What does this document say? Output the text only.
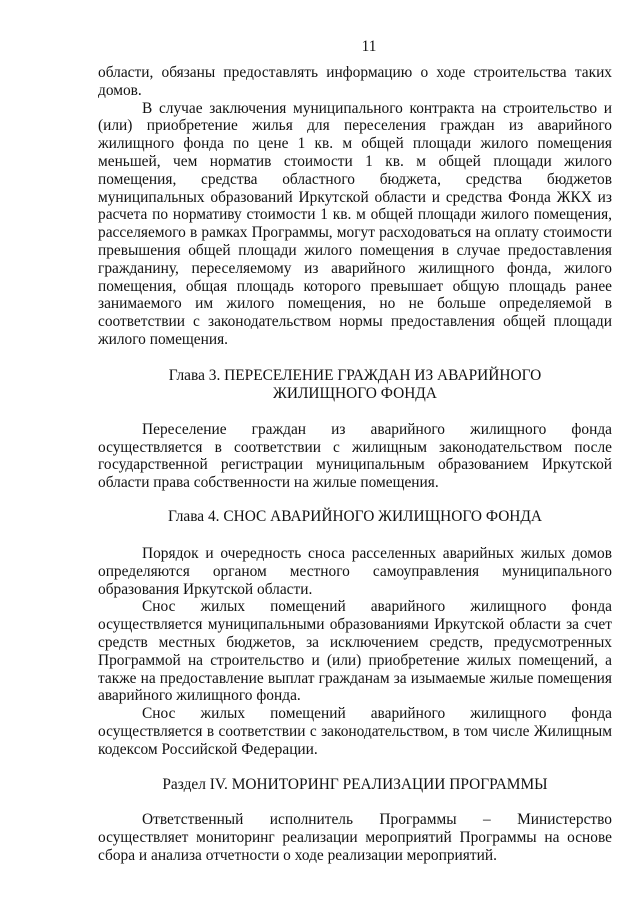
11

области, обязаны предоставлять информацию о ходе строительства таких домов.

В случае заключения муниципального контракта на строительство и (или) приобретение жилья для переселения граждан из аварийного жилищного фонда по цене 1 кв. м общей площади жилого помещения меньшей, чем норматив стоимости 1 кв. м общей площади жилого помещения, средства областного бюджета, средства бюджетов муниципальных образований Иркутской области и средства Фонда ЖКХ из расчета по нормативу стоимости 1 кв. м общей площади жилого помещения, расселяемого в рамках Программы, могут расходоваться на оплату стоимости превышения общей площади жилого помещения в случае предоставления гражданину, переселяемому из аварийного жилищного фонда, жилого помещения, общая площадь которого превышает общую площадь ранее занимаемого им жилого помещения, но не больше определяемой в соответствии с законодательством нормы предоставления общей площади жилого помещения.

Глава 3. ПЕРЕСЕЛЕНИЕ ГРАЖДАН ИЗ АВАРИЙНОГО ЖИЛИЩНОГО ФОНДА

Переселение граждан из аварийного жилищного фонда осуществляется в соответствии с жилищным законодательством после государственной регистрации муниципальным образованием Иркутской области права собственности на жилые помещения.

Глава 4. СНОС АВАРИЙНОГО ЖИЛИЩНОГО ФОНДА

Порядок и очередность сноса расселенных аварийных жилых домов определяются органом местного самоуправления муниципального образования Иркутской области.

Снос жилых помещений аварийного жилищного фонда осуществляется муниципальными образованиями Иркутской области за счет средств местных бюджетов, за исключением средств, предусмотренных Программой на строительство и (или) приобретение жилых помещений, а также на предоставление выплат гражданам за изымаемые жилые помещения аварийного жилищного фонда.

Снос жилых помещений аварийного жилищного фонда осуществляется в соответствии с законодательством, в том числе Жилищным кодексом Российской Федерации.

Раздел IV. МОНИТОРИНГ РЕАЛИЗАЦИИ ПРОГРАММЫ

Ответственный исполнитель Программы – Министерство осуществляет мониторинг реализации мероприятий Программы на основе сбора и анализа отчетности о ходе реализации мероприятий.
